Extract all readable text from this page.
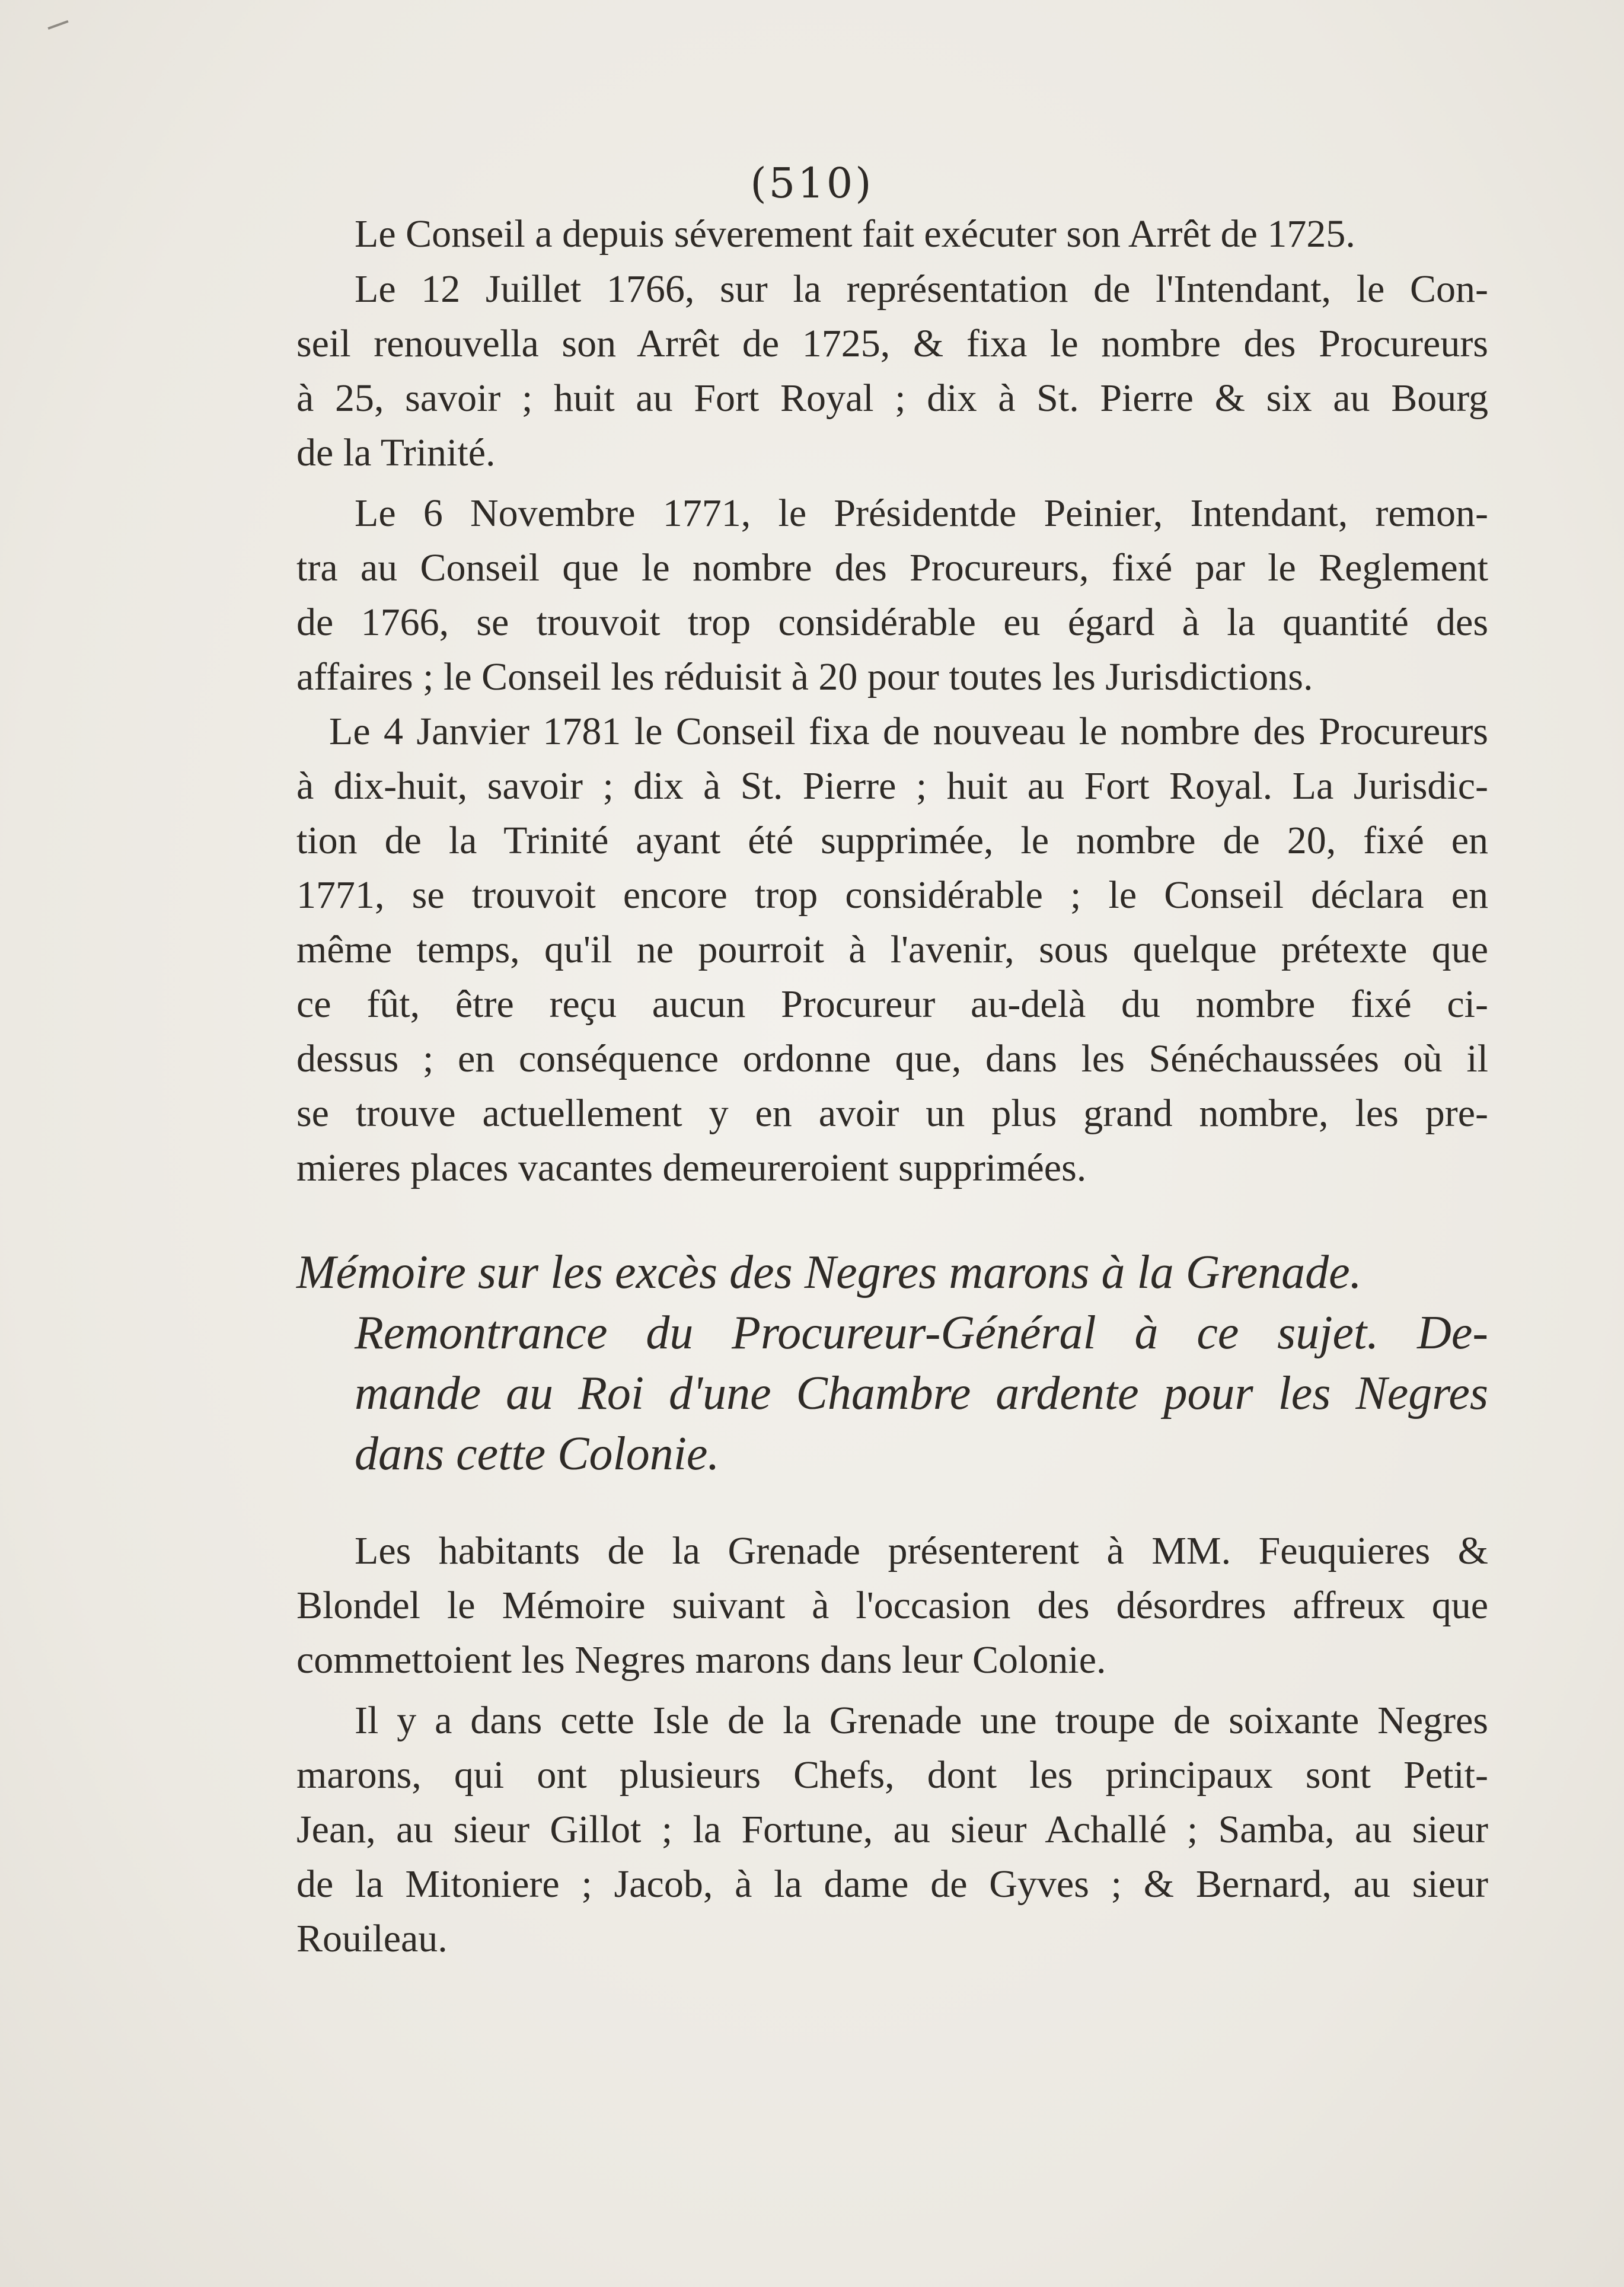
(510)
Le Conseil a depuis séverement fait exécuter son Arrêt de 1725.
Le 12 Juillet 1766, sur la représentation de l'Intendant, le Con-
seil renouvella son Arrêt de 1725, & fixa le nombre des Procureurs
à 25, savoir ; huit au Fort Royal ; dix à St. Pierre & six au Bourg
de la Trinité.
Le 6 Novembre 1771, le Présidentde Peinier, Intendant, remon-
tra au Conseil que le nombre des Procureurs, fixé par le Reglement
de 1766, se trouvoit trop considérable eu égard à la quantité des
affaires ; le Conseil les réduisit à 20 pour toutes les Jurisdictions.
Le 4 Janvier 1781 le Conseil fixa de nouveau le nombre des Procureurs
à dix-huit, savoir ; dix à St. Pierre ; huit au Fort Royal. La Jurisdic-
tion de la Trinité ayant été supprimée, le nombre de 20, fixé en
1771, se trouvoit encore trop considérable ; le Conseil déclara en
même temps, qu'il ne pourroit à l'avenir, sous quelque prétexte que
ce fût, être reçu aucun Procureur au-delà du nombre fixé ci-
dessus ; en conséquence ordonne que, dans les Sénéchaussées où il
se trouve actuellement y en avoir un plus grand nombre, les pre-
mieres places vacantes demeureroient supprimées.
Mémoire sur les excès des Negres marons à la Grenade.
Remontrance du Procureur-Général à ce sujet. De-
mande au Roi d'une Chambre ardente pour les Negres
dans cette Colonie.
Les habitants de la Grenade présenterent à MM. Feuquieres &
Blondel le Mémoire suivant à l'occasion des désordres affreux que
commettoient les Negres marons dans leur Colonie.
Il y a dans cette Isle de la Grenade une troupe de soixante Negres
marons, qui ont plusieurs Chefs, dont les principaux sont Petit-
Jean, au sieur Gillot ; la Fortune, au sieur Achallé ; Samba, au sieur
de la Mitoniere ; Jacob, à la dame de Gyves ; & Bernard, au sieur
Rouileau.
